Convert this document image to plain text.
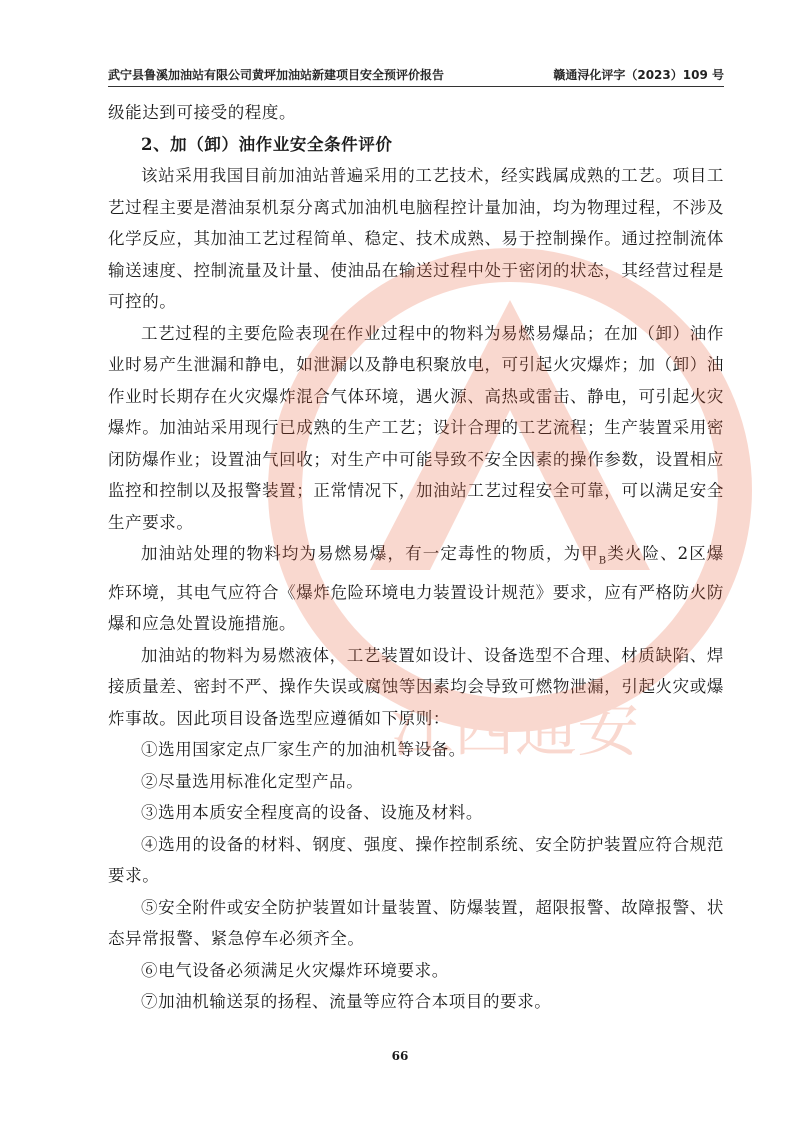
武宁县鲁溪加油站有限公司黄坪加油站新建项目安全预评价报告	赣通浔化评字（2023）109 号

级能达到可接受的程度。

2、加（卸）油作业安全条件评价

该站采用我国目前加油站普遍采用的工艺技术，经实践属成熟的工艺。项目工艺过程主要是潜油泵机泵分离式加油机电脑程控计量加油，均为物理过程，不涉及化学反应，其加油工艺过程简单、稳定、技术成熟、易于控制操作。通过控制流体输送速度、控制流量及计量、使油品在输送过程中处于密闭的状态，其经营过程是可控的。

工艺过程的主要危险表现在作业过程中的物料为易燃易爆品；在加（卸）油作业时易产生泄漏和静电，如泄漏以及静电积聚放电，可引起火灾爆炸；加（卸）油作业时长期存在火灾爆炸混合气体环境，遇火源、高热或雷击、静电，可引起火灾爆炸。加油站采用现行已成熟的生产工艺；设计合理的工艺流程；生产装置采用密闭防爆作业；设置油气回收；对生产中可能导致不安全因素的操作参数，设置相应监控和控制以及报警装置；正常情况下，加油站工艺过程安全可靠，可以满足安全生产要求。

加油站处理的物料均为易燃易爆，有一定毒性的物质，为甲$_B$类火险、2区爆炸环境，其电气应符合《爆炸危险环境电力装置设计规范》要求，应有严格防火防爆和应急处置设施措施。

加油站的物料为易燃液体，工艺装置如设计、设备选型不合理、材质缺陷、焊接质量差、密封不严、操作失误或腐蚀等因素均会导致可燃物泄漏，引起火灾或爆炸事故。因此项目设备选型应遵循如下原则：

①选用国家定点厂家生产的加油机等设备。

②尽量选用标准化定型产品。

③选用本质安全程度高的设备、设施及材料。

④选用的设备的材料、钢度、强度、操作控制系统、安全防护装置应符合规范要求。

⑤安全附件或安全防护装置如计量装置、防爆装置，超限报警、故障报警、状态异常报警、紧急停车必须齐全。

⑥电气设备必须满足火灾爆炸环境要求。

⑦加油机输送泵的扬程、流量等应符合本项目的要求。

江西通安
66
